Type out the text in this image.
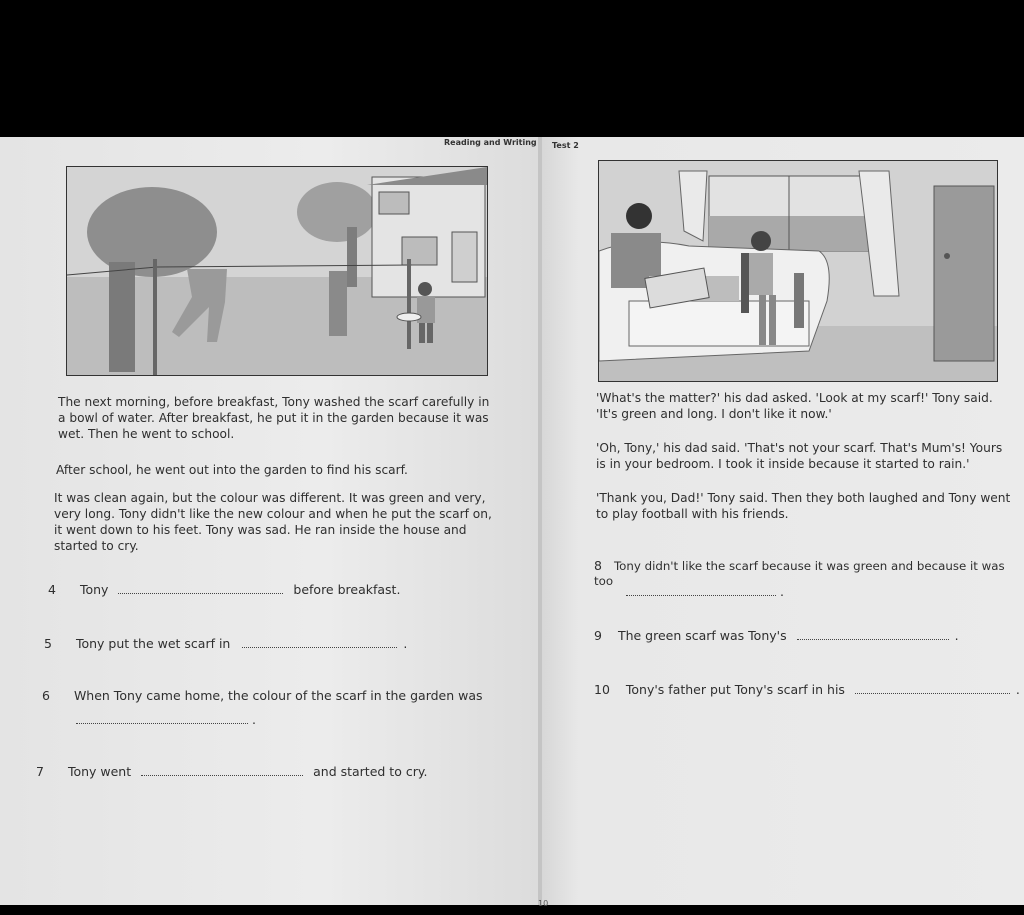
Reading and Writing Test 2

The next morning, before breakfast, Tony washed the scarf carefully in a bowl of water. After breakfast, he put it in the garden because it was wet. Then he went to school.

After school, he went out into the garden to find his scarf.

It was clean again, but the colour was different. It was green and very, very long. Tony didn't like the new colour and when he put the scarf on, it went down to his feet. Tony was sad. He ran inside the house and started to cry.

4 Tony	before breakfast.
5 Tony put the wet scarf in	.
6 When Tony came home, the colour of the scarf in the garden was
.
7 Tony went	and started to cry.

'What's the matter?' his dad asked. 'Look at my scarf!' Tony said. 'It's green and long. I don't like it now.'

'Oh, Tony,' his dad said. 'That's not your scarf. That's Mum's! Yours is in your bedroom. I took it inside because it started to rain.'

'Thank you, Dad!' Tony said. Then they both laughed and Tony went to play football with his friends.

8 Tony didn't like the scarf because it was green and because it was too
.
9 The green scarf was Tony's	.
10 Tony's father put Tony's scarf in his	.
10
